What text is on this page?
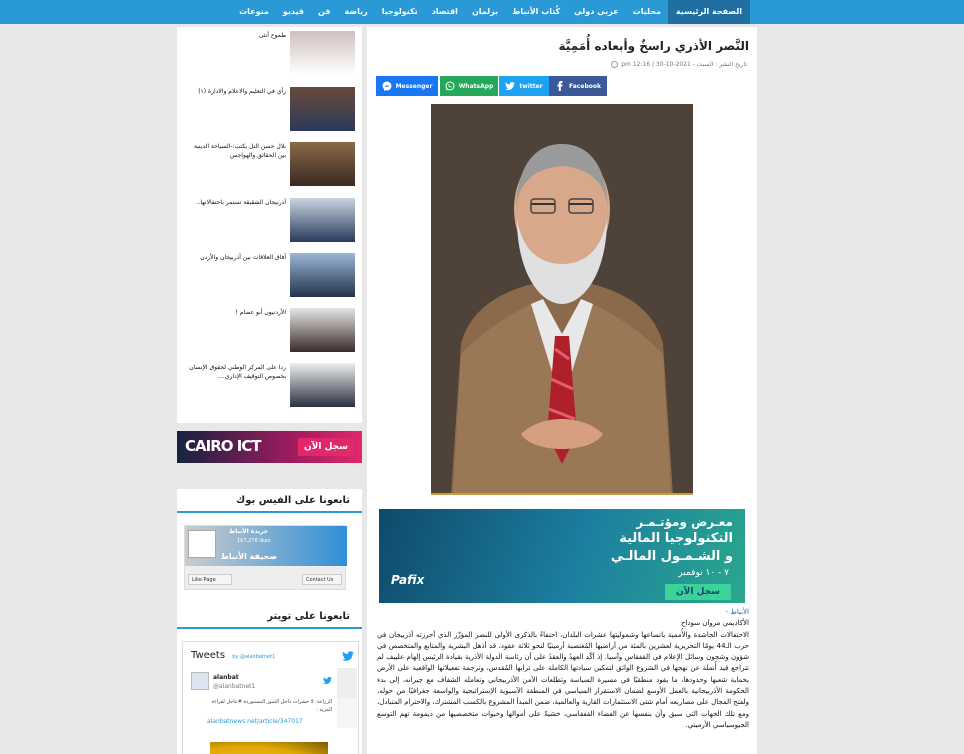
الصفحة الرئيسية
محليات
عربي دولي
كُتاب الأنباط
برلمان
اقتصاد
تكنولوجيا
رياضة
فن
فيديو
منوعات
النَّصر الأذري راسخٌ وأبعاده أُمَمِيَّة
تاريخ النشر : السبت - 2021-10-30 | 12:16 pm
Facebook
twitter
WhatsApp
Messenger
معـرض ومؤتـمـر
التكنولوجيا المالية
و الشـمـول المالـي
٧ - ١٠ نوفمبر
سجل الآن
Pafix
الأنباط -
الأكاديمي مروان سوداح
الاحتفالات الحاشدة والأُممية باتساعها وشموليتها عشرات البلدان، احتفاءً بالذكرى الأولى للنصر المؤزّر الذي أحرزته أذربيجان في حرب الـ44 يومًا التحريرية لعشرين بالمئة من أراضيها المُغتصبة أرمينيًا لنحو ثلاثة عقود، قد أذهل البشرية والمتابع والمتخصص في شؤون وشجون وسائل الإعلام في القفقاس وآسيا. إذ أكّد العهدُ والعقدُ على أن رئاسة الدولة الأذرية بقيادة الرئيس إلهام علييف لم تتراجع قيد أُنملة عن نهجها في الشروع الواثق لتمكين سيادتها الكاملة على ترابها المُقدس، وترجمة تفعيلاتها الواقعية على الأرض بحماية شعبها وحدودها، ما يقود منطقيًا في مسيرة السياسة وتطلعات الأمن الأذربيجاني وتعامله الشفاف مع جيرانه، إلى بدء الحكومة الأذربيجانية بالعمل الأوسع لضمان الاستقرار السياسي في المنطقة الآسيوية الإستراتيجية والواسعة جغرافيًا من حوله، ولفتح المجال على مصاريعه أمام شتى الاستثمارات القارية والعالمية، ضمن المبدأ المشروع بالكسب المشترك، والاحترام المتبادل، ومع تلك الجهات التي سبق وأن بنفسها عن الفضاء القفقاسي، خشيةً على أموالها وخبوات متخصصيها من ديمومة تهم التوسع الجيوسياسي الأرميني.
طموح أنثى
رأي في التعليم والاعلام والادارة (١)
بلال حسن التل يكتب:-السياحة الدينية بين الحقائق والهواجس
أذربيجان الشقيقة تستمر باحتفالاتها..
آفاق العلاقات بين أذربيجان والأردن
الأردنيون أبو عصام !
ردا على المركز الوطني لحقوق الإنسان بخصوص التوقيف الإداري....
CAIRO ICT	سجل الآن
تابعونا على الفيس بوك
جريدة الأنباط
167,278 likes
صحيفة الأنباط
Like Page	Contact Us
تابعونا على تويتر
Tweets by @alanbatnet1
alanbat
@alanbatnet1
الزراعة: لا حشرات داخل الثمور المستوردة #عاجل لقراءة المزيد :
alanbatnews.net/article/347017
